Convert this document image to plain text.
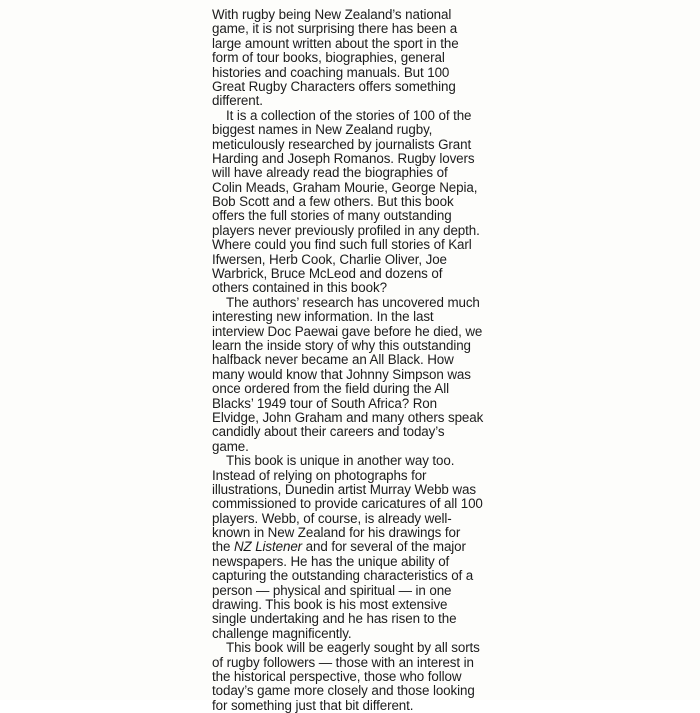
With rugby being New Zealand’s national
game, it is not surprising there has been a
large amount written about the sport in the
form of tour books, biographies, general
histories and coaching manuals. But 100
Great Rugby Characters offers something
different.
It is a collection of the stories of 100 of the
biggest names in New Zealand rugby,
meticulously researched by journalists Grant
Harding and Joseph Romanos. Rugby lovers
will have already read the biographies of
Colin Meads, Graham Mourie, George Nepia,
Bob Scott and a few others. But this book
offers the full stories of many outstanding
players never previously profiled in any depth.
Where could you find such full stories of Karl
Ifwersen, Herb Cook, Charlie Oliver, Joe
Warbrick, Bruce McLeod and dozens of
others contained in this book?
The authors’ research has uncovered much
interesting new information. In the last
interview Doc Paewai gave before he died, we
learn the inside story of why this outstanding
halfback never became an All Black. How
many would know that Johnny Simpson was
once ordered from the field during the All
Blacks’ 1949 tour of South Africa? Ron
Elvidge, John Graham and many others speak
candidly about their careers and today’s
game.
This book is unique in another way too.
Instead of relying on photographs for
illustrations, Dunedin artist Murray Webb was
commissioned to provide caricatures of all 100
players. Webb, of course, is already well-
known in New Zealand for his drawings for
the NZ Listener and for several of the major
newspapers. He has the unique ability of
capturing the outstanding characteristics of a
person — physical and spiritual — in one
drawing. This book is his most extensive
single undertaking and he has risen to the
challenge magnificently.
This book will be eagerly sought by all sorts
of rugby followers — those with an interest in
the historical perspective, those who follow
today’s game more closely and those looking
for something just that bit different.
